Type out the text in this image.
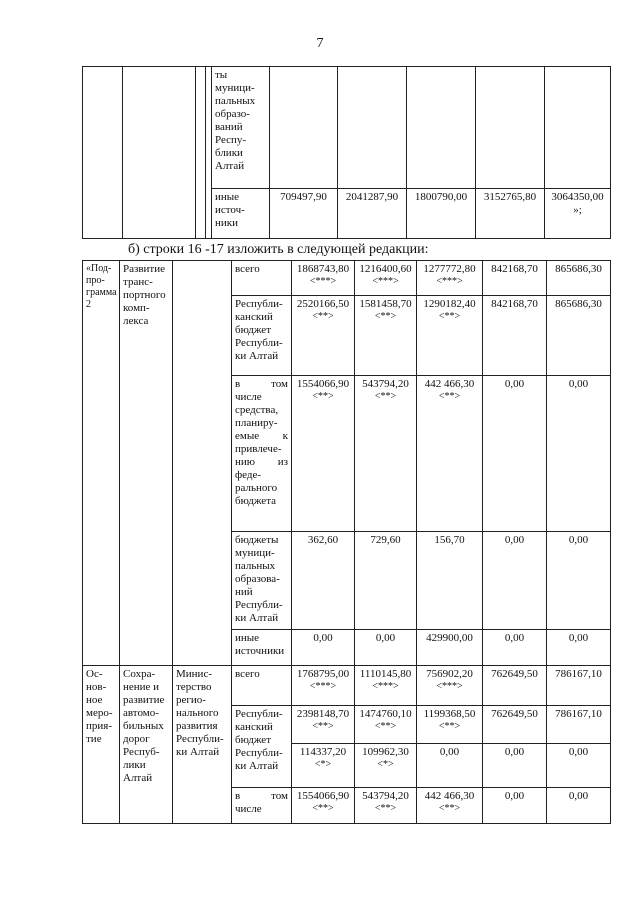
7
				ты муници-пальных образо-ваний Респу-блики Алтай					
				иные источ-ники	709497,90	2041287,90	1800790,00	3152765,80	3064350,00 »;
б) строки 16 -17 изложить в следующей редакции:
«Под-про-грамма 2	Развитие транс-портного комп-лекса		всего	1868743,80
<***>	1216400,60
<***>	1277772,80
<***>	842168,70	865686,30

			Республи-канский бюджет Республи-ки Алтай	2520166,50
<**>	1581458,70
<**>	1290182,40
<**>	842168,70	865686,30

			в том числе средства, планиру-емые к привлече-нию из феде-рального бюджета	1554066,90
<**>	543794,20
<**>	442 466,30
<**>	0,00	0,00

			бюджеты муници-пальных образова-ний Республи-ки Алтай	362,60	729,60	156,70	0,00	0,00

			иные источники	0,00	0,00	429900,00	0,00	0,00

Ос-нов-ное меро-прия-тие	Сохра-нение и развитие автомо-бильных дорог Респуб-лики Алтай	Минис-терство регио-нального развития Республи-ки Алтай	всего	1768795,00
<***>	1110145,80
<***>	756902,20
<***>	762649,50	786167,10

			Республи-канский бюджет Республи-ки Алтай	2398148,70
<**>	1474760,10
<**>	1199368,50
<**>	762649,50	786167,10

				114337,20
<*>	109962,30
<*>	0,00	0,00	0,00

			в том числе	1554066,90
<**>	543794,20
<**>	442 466,30
<**>	0,00	0,00
